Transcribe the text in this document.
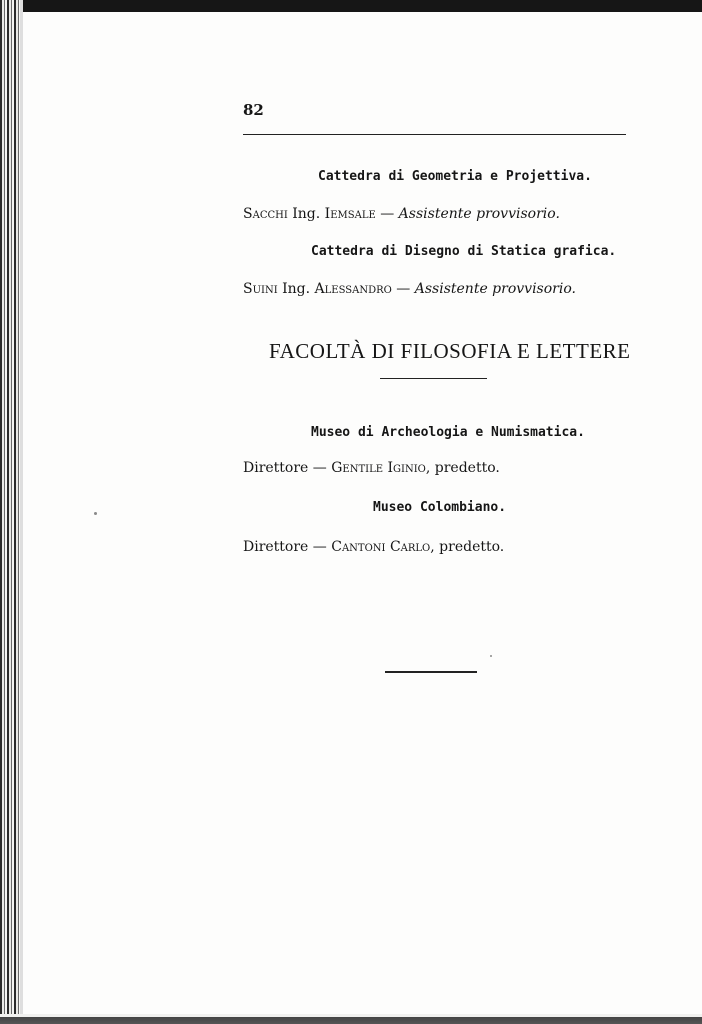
82
Cattedra di Geometria e Projettiva.
Sacchi Ing. Iemsale — Assistente provvisorio.
Cattedra di Disegno di Statica grafica.
Suini Ing. Alessandro — Assistente provvisorio.
FACOLTÀ DI FILOSOFIA E LETTERE
Museo di Archeologia e Numismatica.
Direttore — Gentile Iginio, predetto.
Museo Colombiano.
Direttore — Cantoni Carlo, predetto.
